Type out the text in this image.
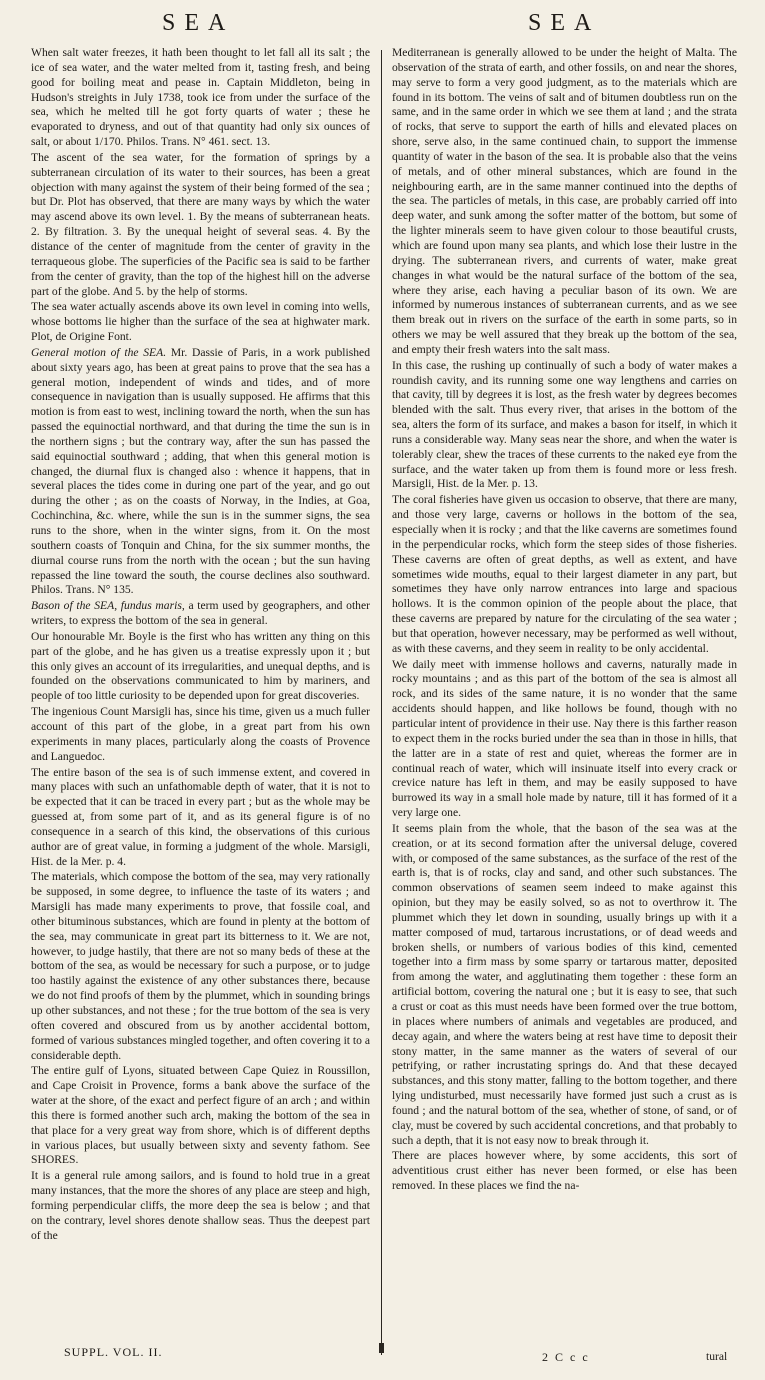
SEA	SEA

When salt water freezes, it hath been thought to let fall all its salt ; the ice of sea water, and the water melted from it, tasting fresh, and being good for boiling meat and pease in. Captain Middleton, being in Hudson's streights in July 1738, took ice from under the surface of the sea, which he melted till he got forty quarts of water ; these he evaporated to dryness, and out of that quantity had only six ounces of salt, or about 1/170. Philos. Trans. N° 461. sect. 13.

The ascent of the sea water, for the formation of springs by a subterranean circulation of its water to their sources, has been a great objection with many against the system of their being formed of the sea ; but Dr. Plot has observed, that there are many ways by which the water may ascend above its own level. 1. By the means of subterranean heats. 2. By filtration. 3. By the unequal height of several seas. 4. By the distance of the center of magnitude from the center of gravity in the terraqueous globe. The superficies of the Pacific sea is said to be farther from the center of gravity, than the top of the highest hill on the adverse part of the globe. And 5. by the help of storms.

The sea water actually ascends above its own level in coming into wells, whose bottoms lie higher than the surface of the sea at highwater mark. Plot, de Origine Font.

General motion of the SEA. Mr. Dassie of Paris, in a work published about sixty years ago, has been at great pains to prove that the sea has a general motion, independent of winds and tides, and of more consequence in navigation than is usually supposed. He affirms that this motion is from east to west, inclining toward the north, when the sun has passed the equinoctial northward, and that during the time the sun is in the northern signs ; but the contrary way, after the sun has passed the said equinoctial southward ; adding, that when this general motion is changed, the diurnal flux is changed also : whence it happens, that in several places the tides come in during one part of the year, and go out during the other ; as on the coasts of Norway, in the Indies, at Goa, Cochinchina, &c. where, while the sun is in the summer signs, the sea runs to the shore, when in the winter signs, from it. On the most southern coasts of Tonquin and China, for the six summer months, the diurnal course runs from the north with the ocean ; but the sun having repassed the line toward the south, the course declines also southward. Philos. Trans. N° 135.

Bason of the SEA, fundus maris, a term used by geographers, and other writers, to express the bottom of the sea in general.

Our honourable Mr. Boyle is the first who has written any thing on this part of the globe, and he has given us a treatise expressly upon it ; but this only gives an account of its irregularities, and unequal depths, and is founded on the observations communicated to him by mariners, and people of too little curiosity to be depended upon for great discoveries.

The ingenious Count Marsigli has, since his time, given us a much fuller account of this part of the globe, in a great part from his own experiments in many places, particularly along the coasts of Provence and Languedoc.

The entire bason of the sea is of such immense extent, and covered in many places with such an unfathomable depth of water, that it is not to be expected that it can be traced in every part ; but as the whole may be guessed at, from some part of it, and as its general figure is of no consequence in a search of this kind, the observations of this curious author are of great value, in forming a judgment of the whole. Marsigli, Hist. de la Mer. p. 4.

The materials, which compose the bottom of the sea, may very rationally be supposed, in some degree, to influence the taste of its waters ; and Marsigli has made many experiments to prove, that fossile coal, and other bituminous substances, which are found in plenty at the bottom of the sea, may communicate in great part its bitterness to it. We are not, however, to judge hastily, that there are not so many beds of these at the bottom of the sea, as would be necessary for such a purpose, or to judge too hastily against the existence of any other substances there, because we do not find proofs of them by the plummet, which in sounding brings up other substances, and not these ; for the true bottom of the sea is very often covered and obscured from us by another accidental bottom, formed of various substances mingled together, and often covering it to a considerable depth.

The entire gulf of Lyons, situated between Cape Quiez in Roussillon, and Cape Croisit in Provence, forms a bank above the surface of the water at the shore, of the exact and perfect figure of an arch ; and within this there is formed another such arch, making the bottom of the sea in that place for a very great way from shore, which is of different depths in various places, but usually between sixty and seventy fathom. See SHORES.

It is a general rule among sailors, and is found to hold true in a great many instances, that the more the shores of any place are steep and high, forming perpendicular cliffs, the more deep the sea is below ; and that on the contrary, level shores denote shallow seas. Thus the deepest part of the

Mediterranean is generally allowed to be under the height of Malta. The observation of the strata of earth, and other fossils, on and near the shores, may serve to form a very good judgment, as to the materials which are found in its bottom. The veins of salt and of bitumen doubtless run on the same, and in the same order in which we see them at land ; and the strata of rocks, that serve to support the earth of hills and elevated places on shore, serve also, in the same continued chain, to support the immense quantity of water in the bason of the sea. It is probable also that the veins of metals, and of other mineral substances, which are found in the neighbouring earth, are in the same manner continued into the depths of the sea. The particles of metals, in this case, are probably carried off into deep water, and sunk among the softer matter of the bottom, but some of the lighter minerals seem to have given colour to those beautiful crusts, which are found upon many sea plants, and which lose their lustre in the drying. The subterranean rivers, and currents of water, make great changes in what would be the natural surface of the bottom of the sea, where they arise, each having a peculiar bason of its own. We are informed by numerous instances of subterranean currents, and as we see them break out in rivers on the surface of the earth in some parts, so in others we may be well assured that they break up the bottom of the sea, and empty their fresh waters into the salt mass.

In this case, the rushing up continually of such a body of water makes a roundish cavity, and its running some one way lengthens and carries on that cavity, till by degrees it is lost, as the fresh water by degrees becomes blended with the salt. Thus every river, that arises in the bottom of the sea, alters the form of its surface, and makes a bason for itself, in which it runs a considerable way. Many seas near the shore, and when the water is tolerably clear, shew the traces of these currents to the naked eye from the surface, and the water taken up from them is found more or less fresh. Marsigli, Hist. de la Mer. p. 13.

The coral fisheries have given us occasion to observe, that there are many, and those very large, caverns or hollows in the bottom of the sea, especially when it is rocky ; and that the like caverns are sometimes found in the perpendicular rocks, which form the steep sides of those fisheries. These caverns are often of great depths, as well as extent, and have sometimes wide mouths, equal to their largest diameter in any part, but sometimes they have only narrow entrances into large and spacious hollows. It is the common opinion of the people about the place, that these caverns are prepared by nature for the circulating of the sea water ; but that operation, however necessary, may be performed as well without, as with these caverns, and they seem in reality to be only accidental.

We daily meet with immense hollows and caverns, naturally made in rocky mountains ; and as this part of the bottom of the sea is almost all rock, and its sides of the same nature, it is no wonder that the same accidents should happen, and like hollows be found, though with no particular intent of providence in their use. Nay there is this farther reason to expect them in the rocks buried under the sea than in those in hills, that the latter are in a state of rest and quiet, whereas the former are in continual reach of water, which will insinuate itself into every crack or crevice nature has left in them, and may be easily supposed to have burrowed its way in a small hole made by nature, till it has formed of it a very large one.

It seems plain from the whole, that the bason of the sea was at the creation, or at its second formation after the universal deluge, covered with, or composed of the same substances, as the surface of the rest of the earth is, that is of rocks, clay and sand, and other such substances. The common observations of seamen seem indeed to make against this opinion, but they may be easily solved, so as not to overthrow it. The plummet which they let down in sounding, usually brings up with it a matter composed of mud, tartarous incrustations, or of dead weeds and broken shells, or numbers of various bodies of this kind, cemented together into a firm mass by some sparry or tartarous matter, deposited from among the water, and agglutinating them together : these form an artificial bottom, covering the natural one ; but it is easy to see, that such a crust or coat as this must needs have been formed over the true bottom, in places where numbers of animals and vegetables are produced, and decay again, and where the waters being at rest have time to deposit their stony matter, in the same manner as the waters of several of our petrifying, or rather incrustating springs do. And that these decayed substances, and this stony matter, falling to the bottom together, and there lying undisturbed, must necessarily have formed just such a crust as is found ; and the natural bottom of the sea, whether of stone, of sand, or of clay, must be covered by such accidental concretions, and that probably to such a depth, that it is not easy now to break through it.

There are places however where, by some accidents, this sort of adventitious crust either has never been formed, or else has been removed. In these places we find the na-

SUPPL. VOL. II.	2 C c c	tural
